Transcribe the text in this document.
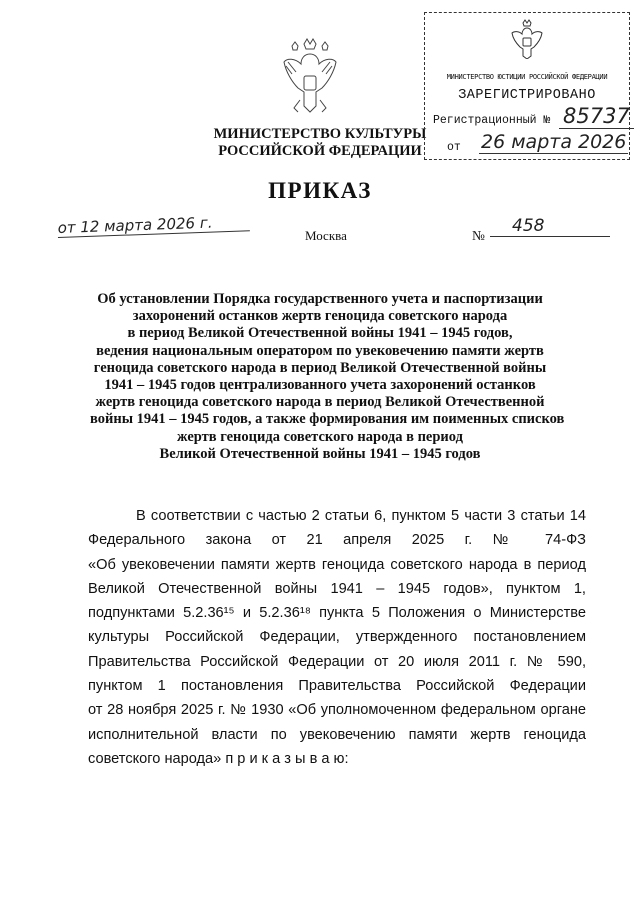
МИНИСТЕРСТВО КУЛЬТУРЫ
РОССИЙСКОЙ ФЕДЕРАЦИИ
МИНИСТЕРСТВО ЮСТИЦИИ РОССИЙСКОЙ ФЕДЕРАЦИИ
ЗАРЕГИСТРИРОВАНО
Регистрационный № 85737
от 26 марта 2026
ПРИКАЗ
от 12 марта 2026 г.	Москва	№	458
Об установлении Порядка государственного учета и паспортизации
захоронений останков жертв геноцида советского народа
в период Великой Отечественной войны 1941 – 1945 годов,
ведения национальным оператором по увековечению памяти жертв
геноцида советского народа в период Великой Отечественной войны
1941 – 1945 годов централизованного учета захоронений останков
жертв геноцида советского народа в период Великой Отечественной
войны 1941 – 1945 годов, а также формирования им поименных списков
жертв геноцида советского народа в период
Великой Отечественной войны 1941 – 1945 годов
В соответствии с частью 2 статьи 6, пунктом 5 части 3 статьи 14
Федерального закона от 21 апреля 2025 г. № 74-ФЗ
«Об увековечении памяти жертв геноцида советского народа в период
Великой Отечественной войны 1941 – 1945 годов», пунктом 1,
подпунктами 5.2.36¹⁵ и 5.2.36¹⁸ пункта 5 Положения о Министерстве
культуры Российской Федерации, утвержденного постановлением
Правительства Российской Федерации от 20 июля 2011 г. № 590,
пунктом 1 постановления Правительства Российской Федерации
от 28 ноября 2025 г. № 1930 «Об уполномоченном федеральном органе
исполнительной власти по увековечению памяти жертв геноцида
советского народа» п р и к а з ы в а ю:
